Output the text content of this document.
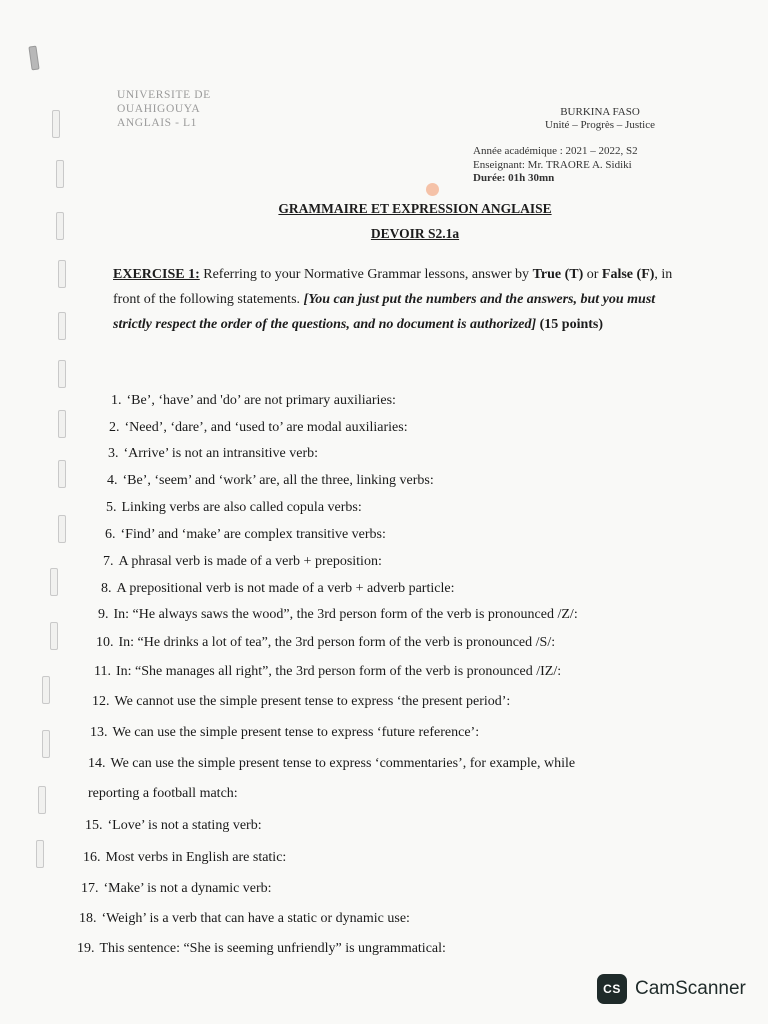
UNIVERSITE DE
OUAHIGOUYA
ANGLAIS - L1
BURKINA FASO
Unité – Progrès – Justice
Année académique : 2021 – 2022, S2
Enseignant: Mr. TRAORE A. Sidiki
Durée: 01h 30mn
GRAMMAIRE ET EXPRESSION ANGLAISE
DEVOIR S2.1a
EXERCISE 1: Referring to your Normative Grammar lessons, answer by True (T) or False (F), in front of the following statements. [You can just put the numbers and the answers, but you must strictly respect the order of the questions, and no document is authorized] (15 points)
1. ‘Be’, ‘have’ and 'do’ are not primary auxiliaries:
2. ‘Need’, ‘dare’, and ‘used to’ are modal auxiliaries:
3. ‘Arrive’ is not an intransitive verb:
4. ‘Be’, ‘seem’ and ‘work’ are, all the three, linking verbs:
5. Linking verbs are also called copula verbs:
6. ‘Find’ and ‘make’ are complex transitive verbs:
7. A phrasal verb is made of a verb + preposition:
8. A prepositional verb is not made of a verb + adverb particle:
9. In: “He always saws the wood”, the 3rd person form of the verb is pronounced /Z/:
10. In: “He drinks a lot of tea”, the 3rd person form of the verb is pronounced /S/:
11. In: “She manages all right”, the 3rd person form of the verb is pronounced /IZ/:
12. We cannot use the simple present tense to express ‘the present period’:
13. We can use the simple present tense to express ‘future reference’:
14. We can use the simple present tense to express ‘commentaries’, for example, while
reporting a football match:
15. ‘Love’ is not a stating verb:
16. Most verbs in English are static:
17. ‘Make’ is not a dynamic verb:
18. ‘Weigh’ is a verb that can have a static or dynamic use:
19. This sentence: “She is seeming unfriendly” is ungrammatical:
CS CamScanner
